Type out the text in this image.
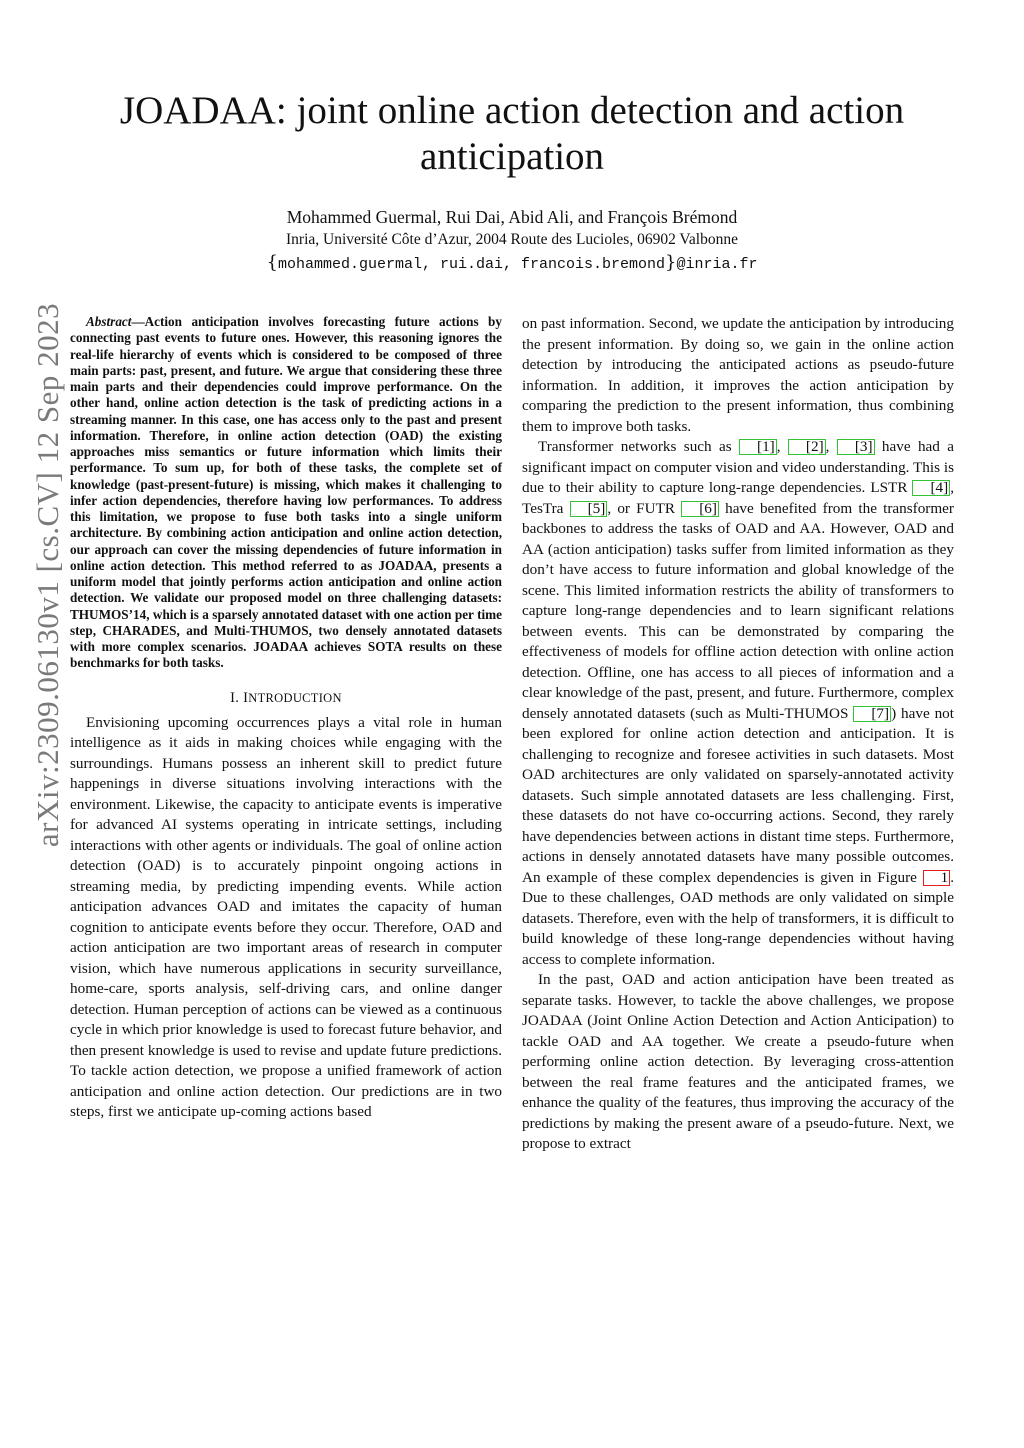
arXiv:2309.06130v1 [cs.CV] 12 Sep 2023
JOADAA: joint online action detection and action anticipation
Mohammed Guermal, Rui Dai, Abid Ali, and François Brémond
Inria, Université Côte d’Azur, 2004 Route des Lucioles, 06902 Valbonne
{mohammed.guermal, rui.dai, francois.bremond}@inria.fr

Abstract—Action anticipation involves forecasting future actions by connecting past events to future ones. However, this reasoning ignores the real-life hierarchy of events which is considered to be composed of three main parts: past, present, and future. We argue that considering these three main parts and their dependencies could improve performance. On the other hand, online action detection is the task of predicting actions in a streaming manner. In this case, one has access only to the past and present information. Therefore, in online action detection (OAD) the existing approaches miss semantics or future information which limits their performance. To sum up, for both of these tasks, the complete set of knowledge (past-present-future) is missing, which makes it challenging to infer action dependencies, therefore having low performances. To address this limitation, we propose to fuse both tasks into a single uniform architecture. By combining action anticipation and online action detection, our approach can cover the missing dependencies of future information in online action detection. This method referred to as JOADAA, presents a uniform model that jointly performs action anticipation and online action detection. We validate our proposed model on three challenging datasets: THUMOS’14, which is a sparsely annotated dataset with one action per time step, CHARADES, and Multi-THUMOS, two densely annotated datasets with more complex scenarios. JOADAA achieves SOTA results on these benchmarks for both tasks.

I. INTRODUCTION

Envisioning upcoming occurrences plays a vital role in human intelligence as it aids in making choices while engaging with the surroundings. Humans possess an inherent skill to predict future happenings in diverse situations involving interactions with the environment. Likewise, the capacity to anticipate events is imperative for advanced AI systems operating in intricate settings, including interactions with other agents or individuals. The goal of online action detection (OAD) is to accurately pinpoint ongoing actions in streaming media, by predicting impending events. While action anticipation advances OAD and imitates the capacity of human cognition to anticipate events before they occur. Therefore, OAD and action anticipation are two important areas of research in computer vision, which have numerous applications in security surveillance, home-care, sports analysis, self-driving cars, and online danger detection. Human perception of actions can be viewed as a continuous cycle in which prior knowledge is used to forecast future behavior, and then present knowledge is used to revise and update future predictions. To tackle action detection, we propose a unified framework of action anticipation and online action detection. Our predictions are in two steps, first we anticipate up-coming actions based

on past information. Second, we update the anticipation by introducing the present information. By doing so, we gain in the online action detection by introducing the anticipated actions as pseudo-future information. In addition, it improves the action anticipation by comparing the prediction to the present information, thus combining them to improve both tasks.

Transformer networks such as [1] , [2] , [3] have had a significant impact on computer vision and video understanding. This is due to their ability to capture long-range dependencies. LSTR [4] , TesTra [5] , or FUTR [6] have benefited from the transformer backbones to address the tasks of OAD and AA. However, OAD and AA (action anticipation) tasks suffer from limited information as they don’t have access to future information and global knowledge of the scene. This limited information restricts the ability of transformers to capture long-range dependencies and to learn significant relations between events. This can be demonstrated by comparing the effectiveness of models for offline action detection with online action detection. Offline, one has access to all pieces of information and a clear knowledge of the past, present, and future. Furthermore, complex densely annotated datasets (such as Multi-THUMOS [7] ) have not been explored for online action detection and anticipation. It is challenging to recognize and foresee activities in such datasets. Most OAD architectures are only validated on sparsely-annotated activity datasets. Such simple annotated datasets are less challenging. First, these datasets do not have co-occurring actions. Second, they rarely have dependencies between actions in distant time steps. Furthermore, actions in densely annotated datasets have many possible outcomes. An example of these complex dependencies is given in Figure 1 . Due to these challenges, OAD methods are only validated on simple datasets. Therefore, even with the help of transformers, it is difficult to build knowledge of these long-range dependencies without having access to complete information.

In the past, OAD and action anticipation have been treated as separate tasks. However, to tackle the above challenges, we propose JOADAA (Joint Online Action Detection and Action Anticipation) to tackle OAD and AA together. We create a pseudo-future when performing online action detection. By leveraging cross-attention between the real frame features and the anticipated frames, we enhance the quality of the features, thus improving the accuracy of the predictions by making the present aware of a pseudo-future. Next, we propose to extract
